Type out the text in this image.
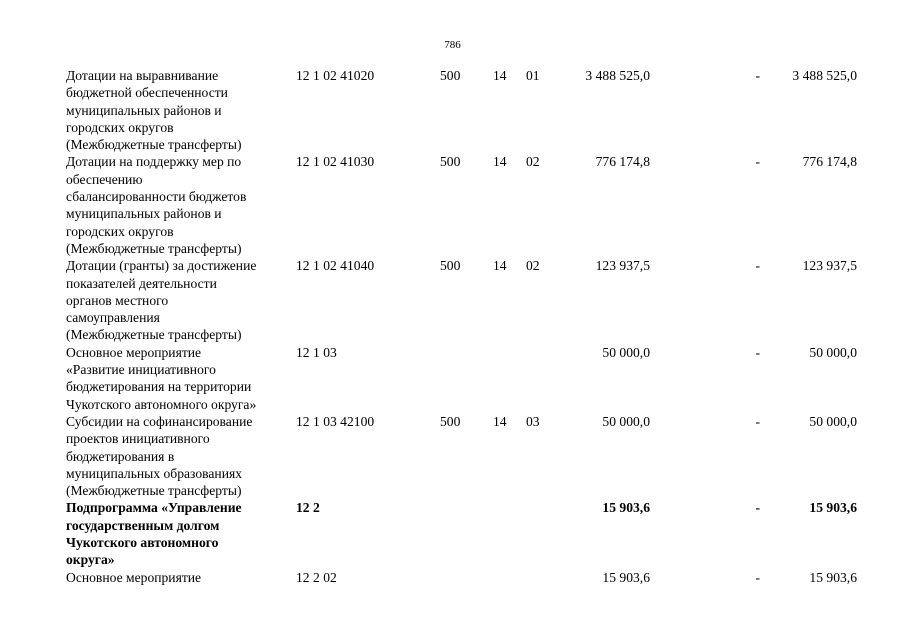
786
Дотации на выравнивание
бюджетной обеспеченности
муниципальных районов и
городских округов
(Межбюджетные трансферты)
12 1 02 41020	500 14 01	3 488 525,0	- 3 488 525,0
Дотации на поддержку мер по
обеспечению
сбалансированности бюджетов
муниципальных районов и
городских округов
(Межбюджетные трансферты)
12 1 02 41030	500 14 02	776 174,8	-	776 174,8
Дотации (гранты) за достижение
показателей деятельности
органов местного
самоуправления
(Межбюджетные трансферты)
12 1 02 41040	500 14 02	123 937,5	-	123 937,5
Основное мероприятие
«Развитие инициативного
бюджетирования на территории
Чукотского автономного округа»
12 1 03	50 000,0	-	50 000,0
Субсидии на софинансирование
проектов инициативного
бюджетирования в
муниципальных образованиях
(Межбюджетные трансферты)
12 1 03 42100	500 14 03	50 000,0	-	50 000,0
Подпрограмма «Управление
государственным долгом
Чукотского автономного
округа»
12 2	15 903,6	-	15 903,6
Основное мероприятие	12 2 02	15 903,6	-	15 903,6
